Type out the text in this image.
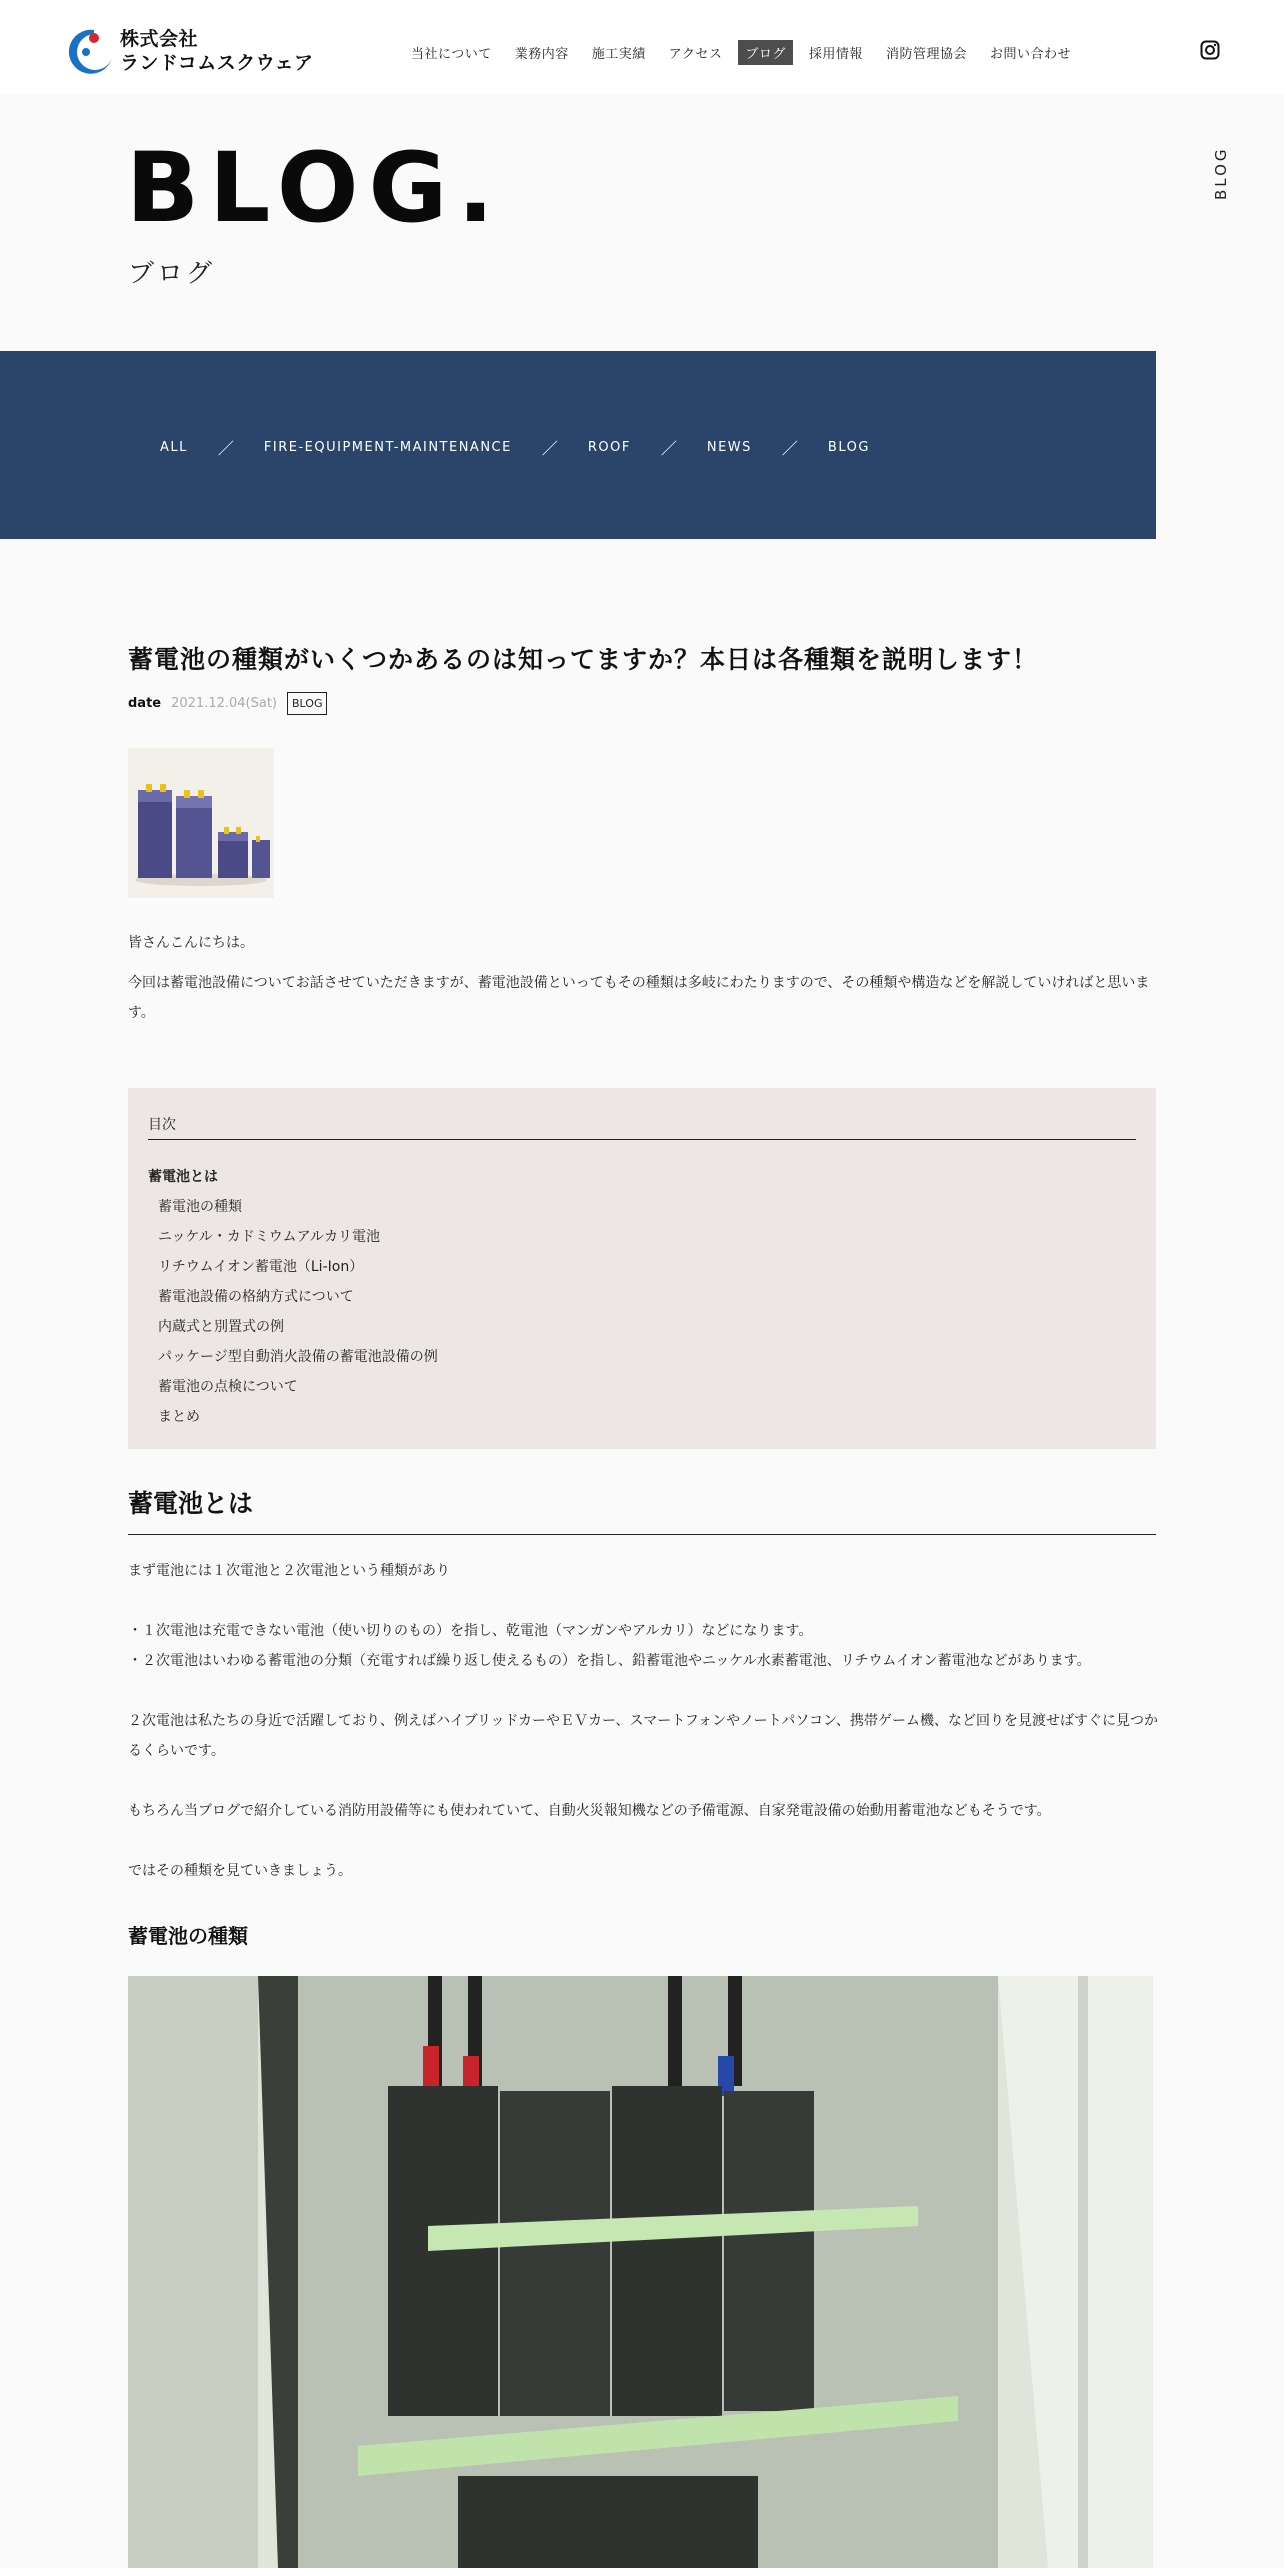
株式会社
ランドコムスクウェア	当社について	業務内容	施工実績	アクセス	ブログ	採用情報	消防管理協会	お問い合わせ
BLOG.
ブログ
BLOG
ALL ／ FIRE-EQUIPMENT-MAINTENANCE ／ ROOF ／ NEWS ／ BLOG
蓄電池の種類がいくつかあるのは知ってますか？本日は各種類を説明します！
date 2021.12.04(Sat)	BLOG

皆さんこんにちは。

今回は蓄電池設備についてお話させていただきますが、蓄電池設備といってもその種類は多岐にわたりますので、その種類や構造などを解説していければと思います。

目次
蓄電池とは
蓄電池の種類
ニッケル・カドミウムアルカリ電池
リチウムイオン蓄電池（Li-Ion）
蓄電池設備の格納方式について
内蔵式と別置式の例
パッケージ型自動消火設備の蓄電池設備の例
蓄電池の点検について
まとめ
蓄電池とは

まず電池には１次電池と２次電池という種類があり

・１次電池は充電できない電池（使い切りのもの）を指し、乾電池（マンガンやアルカリ）などになります。

・２次電池はいわゆる蓄電池の分類（充電すれば繰り返し使えるもの）を指し、鉛蓄電池やニッケル水素蓄電池、リチウムイオン蓄電池などがあります。

２次電池は私たちの身近で活躍しており、例えばハイブリッドカーやＥＶカー、スマートフォンやノートパソコン、携帯ゲーム機、など回りを見渡せばすぐに見つかるくらいです。

もちろん当ブログで紹介している消防用設備等にも使われていて、自動火災報知機などの予備電源、自家発電設備の始動用蓄電池などもそうです。

ではその種類を見ていきましょう。

蓄電池の種類
